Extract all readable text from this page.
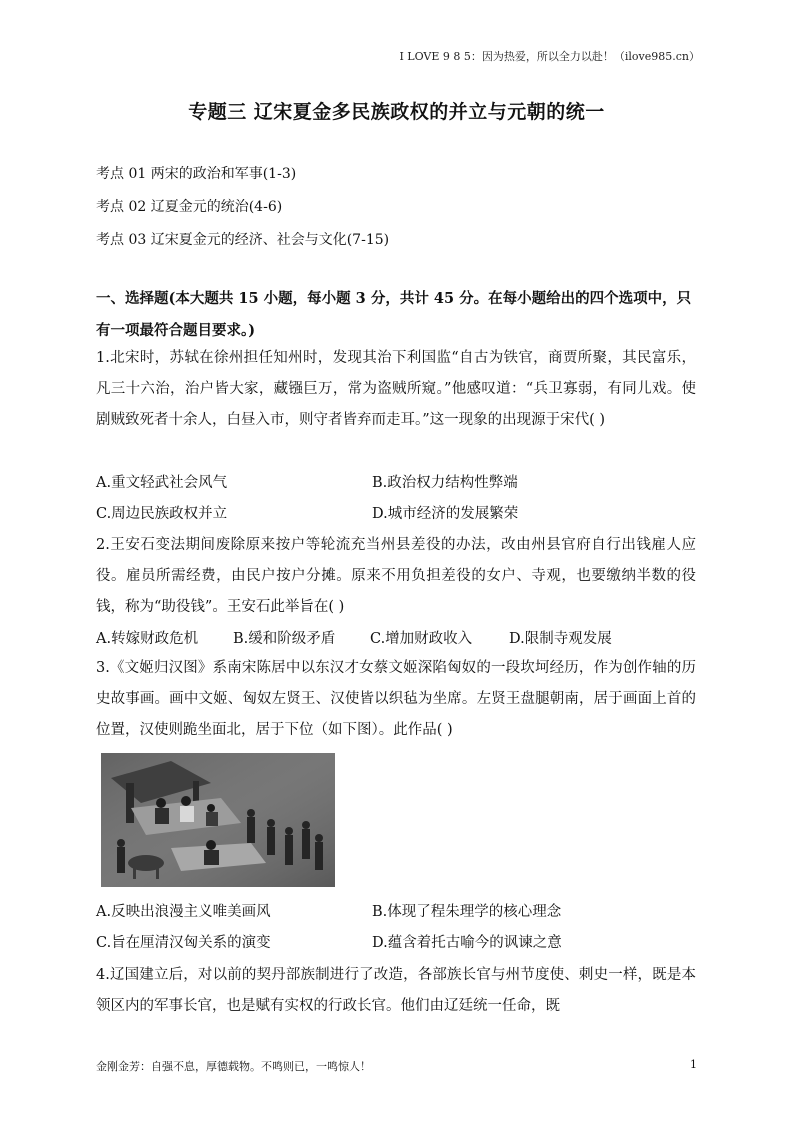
I LOVE 9 8 5：因为热爱，所以全力以赴！（ilove985.cn）
专题三 辽宋夏金多民族政权的并立与元朝的统一
考点 01 两宋的政治和军事(1-3)
考点 02 辽夏金元的统治(4-6)
考点 03 辽宋夏金元的经济、社会与文化(7-15)
一、选择题(本大题共 15 小题，每小题 3 分，共计 45 分。在每小题给出的四个选项中，只有一项最符合题目要求。)
1.北宋时，苏轼在徐州担任知州时，发现其治下利国监“自古为铁官，商贾所聚，其民富乐，凡三十六治，治户皆大家，藏镪巨万，常为盗贼所窥。”他感叹道：“兵卫寡弱，有同儿戏。使剧贼致死者十余人，白昼入市，则守者皆弃而走耳。”这一现象的出现源于宋代( )
A.重文轻武社会风气	B.政治权力结构性弊端
C.周边民族政权并立	D.城市经济的发展繁荣
2.王安石变法期间废除原来按户等轮流充当州县差役的办法，改由州县官府自行出钱雇人应役。雇员所需经费，由民户按户分摊。原来不用负担差役的女户、寺观，也要缴纳半数的役钱，称为“助役钱”。王安石此举旨在( )
A.转嫁财政危机	B.缓和阶级矛盾	C.增加财政收入	D.限制寺观发展
3.《文姬归汉图》系南宋陈居中以东汉才女蔡文姬深陷匈奴的一段坎坷经历，作为创作轴的历史故事画。画中文姬、匈奴左贤王、汉使皆以织毡为坐席。左贤王盘腿朝南，居于画面上首的位置，汉使则跪坐面北，居于下位（如下图）。此作品( )
A.反映出浪漫主义唯美画风	B.体现了程朱理学的核心理念
C.旨在厘清汉匈关系的演变	D.蕴含着托古喻今的讽谏之意
4.辽国建立后，对以前的契丹部族制进行了改造，各部族长官与州节度使、刺史一样，既是本领区内的军事长官，也是赋有实权的行政长官。他们由辽廷统一任命，既
金刚金芳：自强不息，厚德载物。不鸣则已，一鸣惊人！	1
